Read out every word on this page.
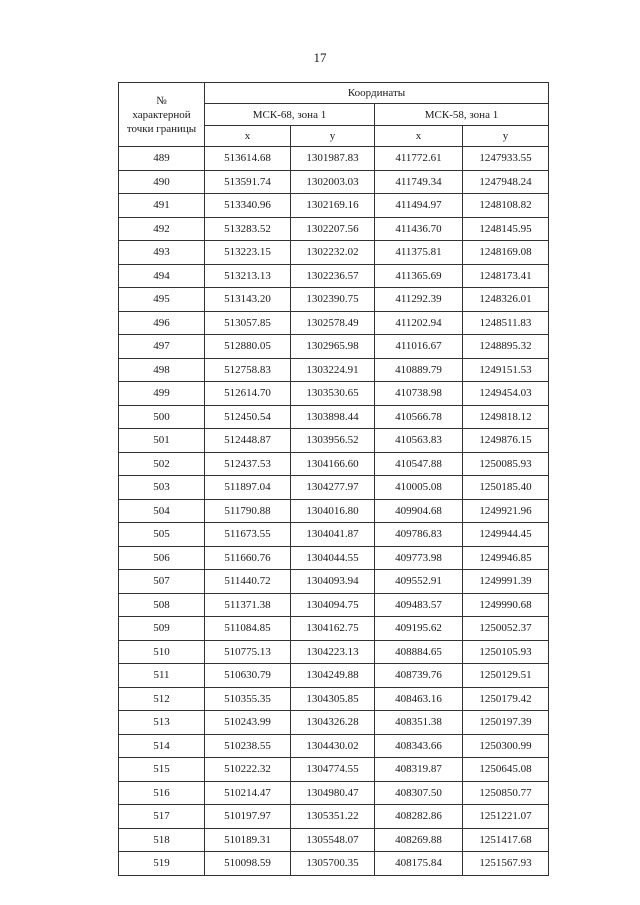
17
№
характерной
точки границы	Координаты			
	МСК-68, зона 1		МСК-58, зона 1	
	x	y	x	y
489	513614.68	1301987.83	411772.61	1247933.55
490	513591.74	1302003.03	411749.34	1247948.24
491	513340.96	1302169.16	411494.97	1248108.82
492	513283.52	1302207.56	411436.70	1248145.95
493	513223.15	1302232.02	411375.81	1248169.08
494	513213.13	1302236.57	411365.69	1248173.41
495	513143.20	1302390.75	411292.39	1248326.01
496	513057.85	1302578.49	411202.94	1248511.83
497	512880.05	1302965.98	411016.67	1248895.32
498	512758.83	1303224.91	410889.79	1249151.53
499	512614.70	1303530.65	410738.98	1249454.03
500	512450.54	1303898.44	410566.78	1249818.12
501	512448.87	1303956.52	410563.83	1249876.15
502	512437.53	1304166.60	410547.88	1250085.93
503	511897.04	1304277.97	410005.08	1250185.40
504	511790.88	1304016.80	409904.68	1249921.96
505	511673.55	1304041.87	409786.83	1249944.45
506	511660.76	1304044.55	409773.98	1249946.85
507	511440.72	1304093.94	409552.91	1249991.39
508	511371.38	1304094.75	409483.57	1249990.68
509	511084.85	1304162.75	409195.62	1250052.37
510	510775.13	1304223.13	408884.65	1250105.93
511	510630.79	1304249.88	408739.76	1250129.51
512	510355.35	1304305.85	408463.16	1250179.42
513	510243.99	1304326.28	408351.38	1250197.39
514	510238.55	1304430.02	408343.66	1250300.99
515	510222.32	1304774.55	408319.87	1250645.08
516	510214.47	1304980.47	408307.50	1250850.77
517	510197.97	1305351.22	408282.86	1251221.07
518	510189.31	1305548.07	408269.88	1251417.68
519	510098.59	1305700.35	408175.84	1251567.93
